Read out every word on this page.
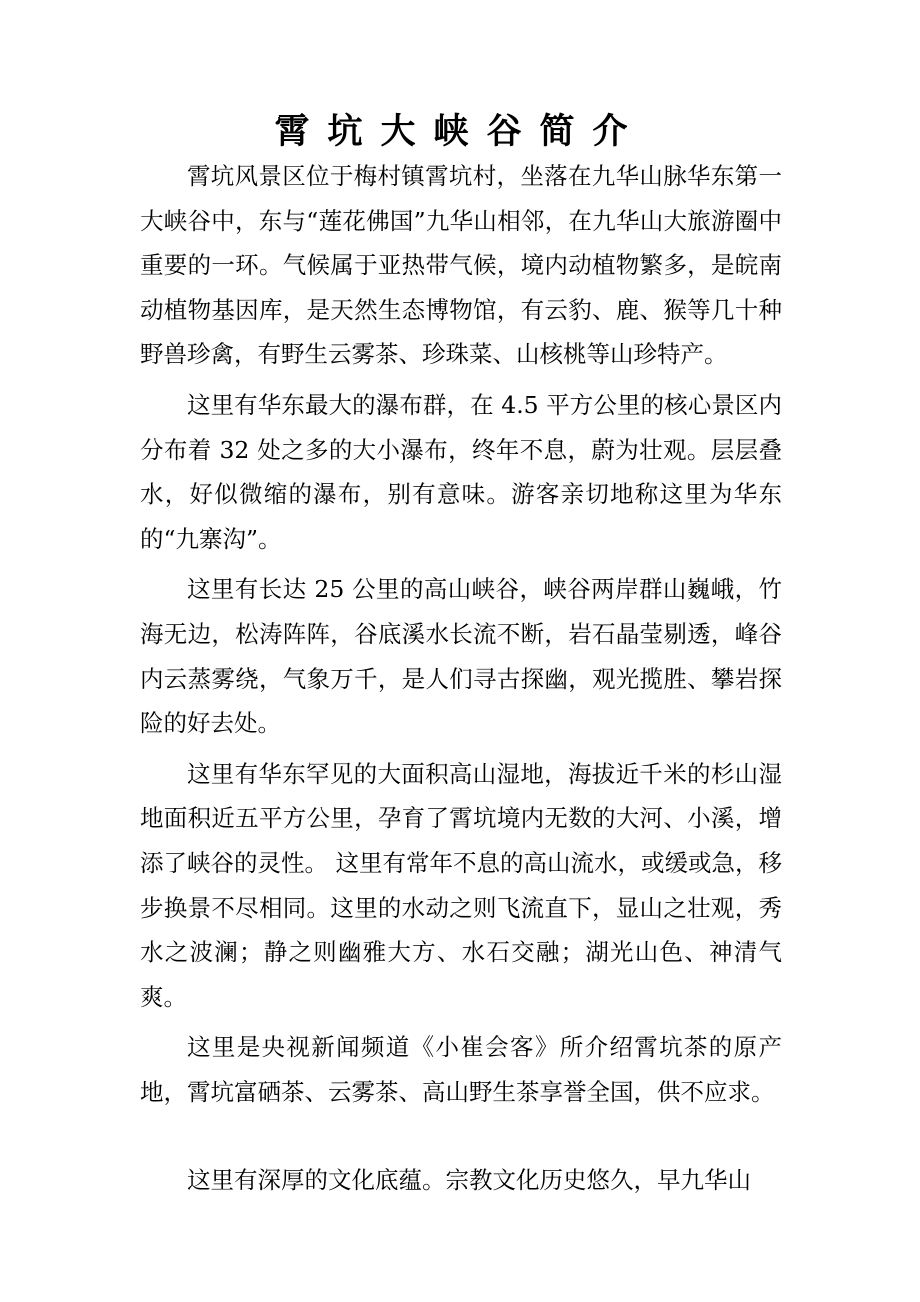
霄坑大峡谷简介

霄坑风景区位于梅村镇霄坑村，坐落在九华山脉华东第一大峡谷中，东与“莲花佛国”九华山相邻，在九华山大旅游圈中重要的一环。气候属于亚热带气候，境内动植物繁多，是皖南动植物基因库，是天然生态博物馆，有云豹、鹿、猴等几十种野兽珍禽，有野生云雾茶、珍珠菜、山核桃等山珍特产。

这里有华东最大的瀑布群，在 4.5 平方公里的核心景区内分布着 32 处之多的大小瀑布，终年不息，蔚为壮观。层层叠水，好似微缩的瀑布，别有意味。游客亲切地称这里为华东的“九寨沟”。

这里有长达 25 公里的高山峡谷，峡谷两岸群山巍峨，竹海无边，松涛阵阵，谷底溪水长流不断，岩石晶莹剔透，峰谷内云蒸雾绕，气象万千，是人们寻古探幽，观光揽胜、攀岩探险的好去处。

这里有华东罕见的大面积高山湿地，海拔近千米的杉山湿地面积近五平方公里，孕育了霄坑境内无数的大河、小溪，增添了峡谷的灵性。 这里有常年不息的高山流水，或缓或急，移步换景不尽相同。这里的水动之则飞流直下，显山之壮观，秀水之波澜；静之则幽雅大方、水石交融；湖光山色、神清气爽。

这里是央视新闻频道《小崔会客》所介绍霄坑茶的原产地，霄坑富硒茶、云雾茶、高山野生茶享誉全国，供不应求。

这里有深厚的文化底蕴。宗教文化历史悠久，早九华山
